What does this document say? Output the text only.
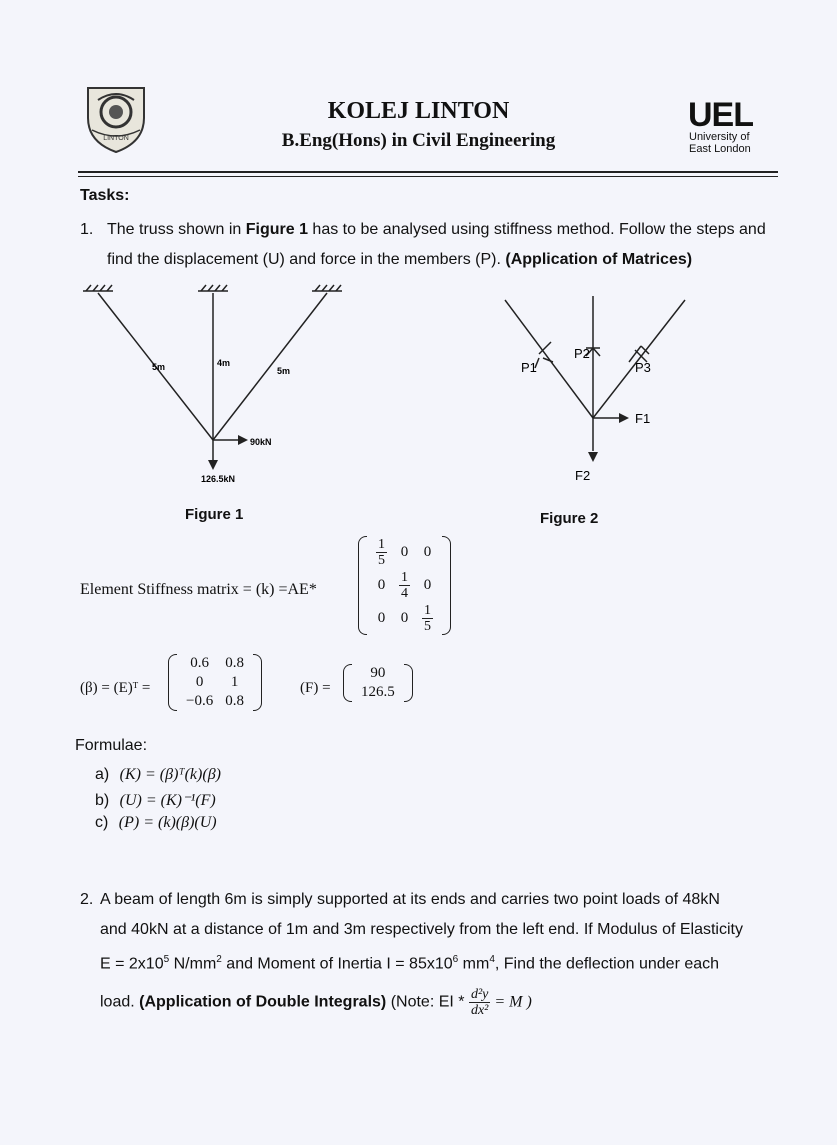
LINTON
KOLEJ LINTON
B.Eng(Hons) in Civil Engineering
UEL
University of
East London
Tasks:
1. The truss shown in Figure 1 has to be analysed using stiffness method. Follow the steps and find the displacement (U) and force in the members (P). (Application of Matrices)
5m	4m
5m
90kN
126.5kN
Figure 1
P1
P2
P3
F1
F2
Figure 2
Element Stiffness matrix = (k) =AE*
$\frac{1}{5}$	0	0
0	$\frac{1}{4}$	0
0	0	$\frac{1}{5}$
(β) = (E)ᵀ =
0.6	0.8
0	1
−0.6	0.8
(F) =
90
126.5
Formulae:
a) (K) = (β)ᵀ(k)(β)
b) (U) = (K)⁻¹(F)
c) (P) = (k)(β)(U)
2. A beam of length 6m is simply supported at its ends and carries two point loads of 48kN
and 40kN at a distance of 1m and 3m respectively from the left end. If Modulus of Elasticity
$E = 2x10^5$ $N/mm^2$ and Moment of Inertia $I = 85x10^6$ $mm^4$, Find the deflection under each
load. (Application of Double Integrals) (Note: EI * $\frac{\text{d²y}}{\text{dx²}} = M$ )
